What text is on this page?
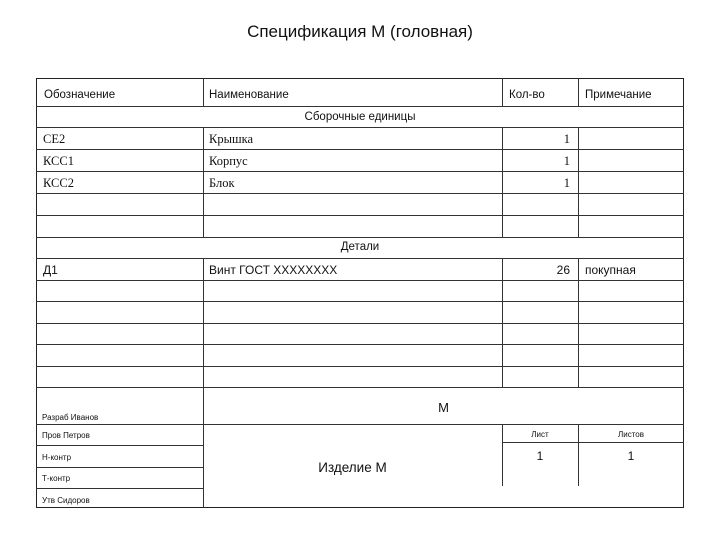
Спецификация М (головная)
Обозначение	Наименование	Кол-во	Примечание
Сборочные единицы
СЕ2	Крышка	1
КСС1	Корпус	1
КСС2	Блок	1
Детали
Д1	Винт ГОСТ ХХХХХХХХ	26 покупная
Разраб Иванов
Пров Петров
Н-контр
Т-контр
Утв Сидоров
М
Изделие М
Лист	Листов
1	1
